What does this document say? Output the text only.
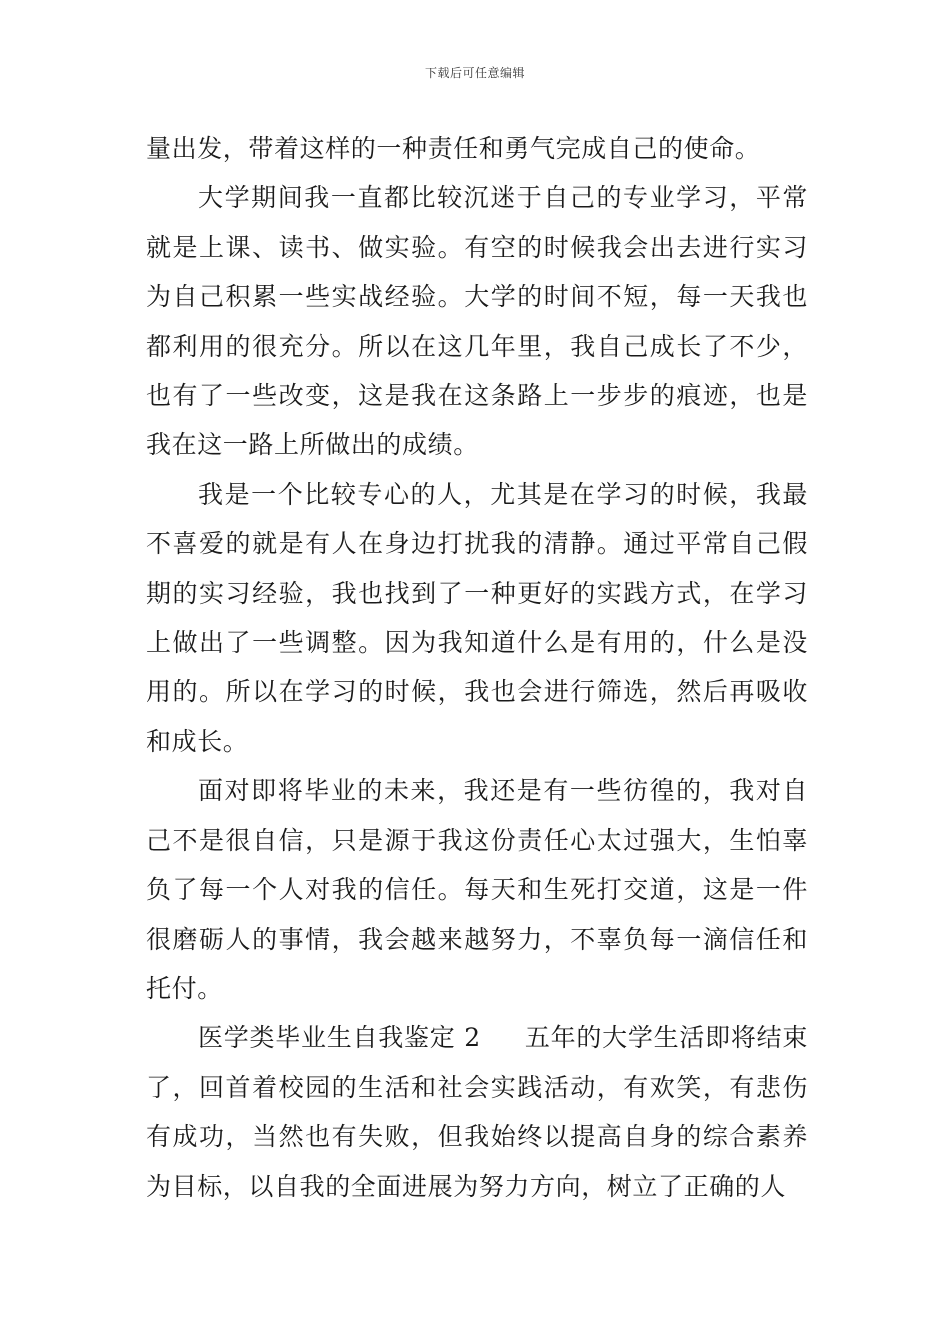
下载后可任意编辑

量出发，带着这样的一种责任和勇气完成自己的使命。

大学期间我一直都比较沉迷于自己的专业学习，平常就是上课、读书、做实验。有空的时候我会出去进行实习为自己积累一些实战经验。大学的时间不短，每一天我也都利用的很充分。所以在这几年里，我自己成长了不少，也有了一些改变，这是我在这条路上一步步的痕迹，也是我在这一路上所做出的成绩。

我是一个比较专心的人，尤其是在学习的时候，我最不喜爱的就是有人在身边打扰我的清静。通过平常自己假期的实习经验，我也找到了一种更好的实践方式，在学习上做出了一些调整。因为我知道什么是有用的，什么是没用的。所以在学习的时候，我也会进行筛选，然后再吸收和成长。

面对即将毕业的未来，我还是有一些彷徨的，我对自己不是很自信，只是源于我这份责任心太过强大，生怕辜负了每一个人对我的信任。每天和生死打交道，这是一件很磨砺人的事情，我会越来越努力，不辜负每一滴信任和托付。

医学类毕业生自我鉴定 2 五年的大学生活即将结束了，回首着校园的生活和社会实践活动，有欢笑，有悲伤有成功，当然也有失败，但我始终以提高自身的综合素养为目标，以自我的全面进展为努力方向，树立了正确的人
